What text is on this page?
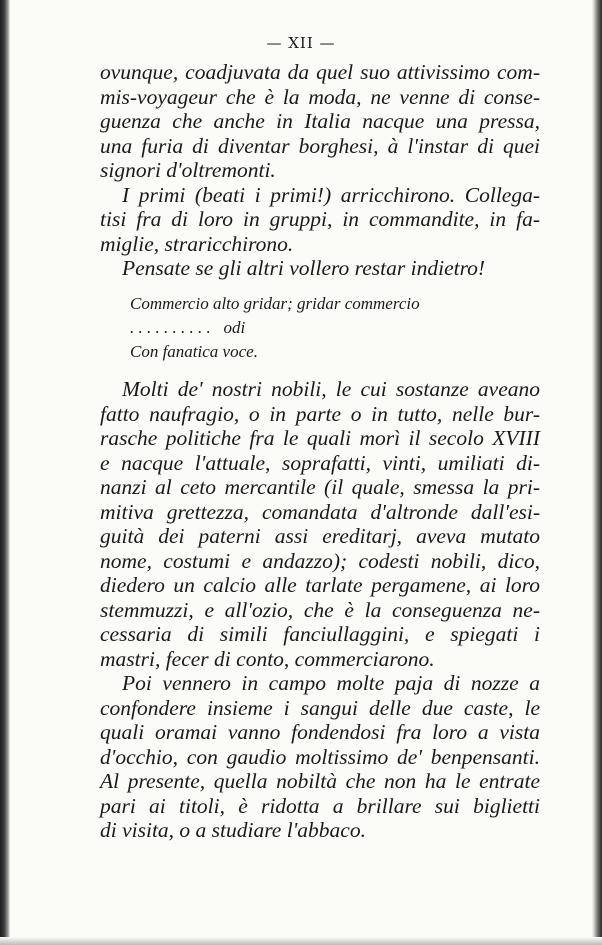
— XII —
ovunque, coadjuvata da quel suo attivissimo com-
mis-voyageur che è la moda, ne venne di conse-
guenza che anche in Italia nacque una pressa,
una furia di diventar borghesi, à l'instar di quei
signori d'oltremonti.
I primi (beati i primi!) arricchirono. Collega-
tisi fra di loro in gruppi, in commandite, in fa-
miglie, straricchirono.
Pensate se gli altri vollero restar indietro!
Commercio alto gridar; gridar commercio
. . . . . . . . . . odi
Con fanatica voce.
Molti de' nostri nobili, le cui sostanze aveano
fatto naufragio, o in parte o in tutto, nelle bur-
rasche politiche fra le quali morì il secolo XVIII
e nacque l'attuale, soprafatti, vinti, umiliati di-
nanzi al ceto mercantile (il quale, smessa la pri-
mitiva grettezza, comandata d'altronde dall'esi-
guità dei paterni assi ereditarj, aveva mutato
nome, costumi e andazzo); codesti nobili, dico,
diedero un calcio alle tarlate pergamene, ai loro
stemmuzzi, e all'ozio, che è la conseguenza ne-
cessaria di simili fanciullaggini, e spiegati i
mastri, fecer di conto, commerciarono.
Poi vennero in campo molte paja di nozze a
confondere insieme i sangui delle due caste, le
quali oramai vanno fondendosi fra loro a vista
d'occhio, con gaudio moltissimo de' benpensanti.
Al presente, quella nobiltà che non ha le entrate
pari ai titoli, è ridotta a brillare sui biglietti
di visita, o a studiare l'abbaco.
